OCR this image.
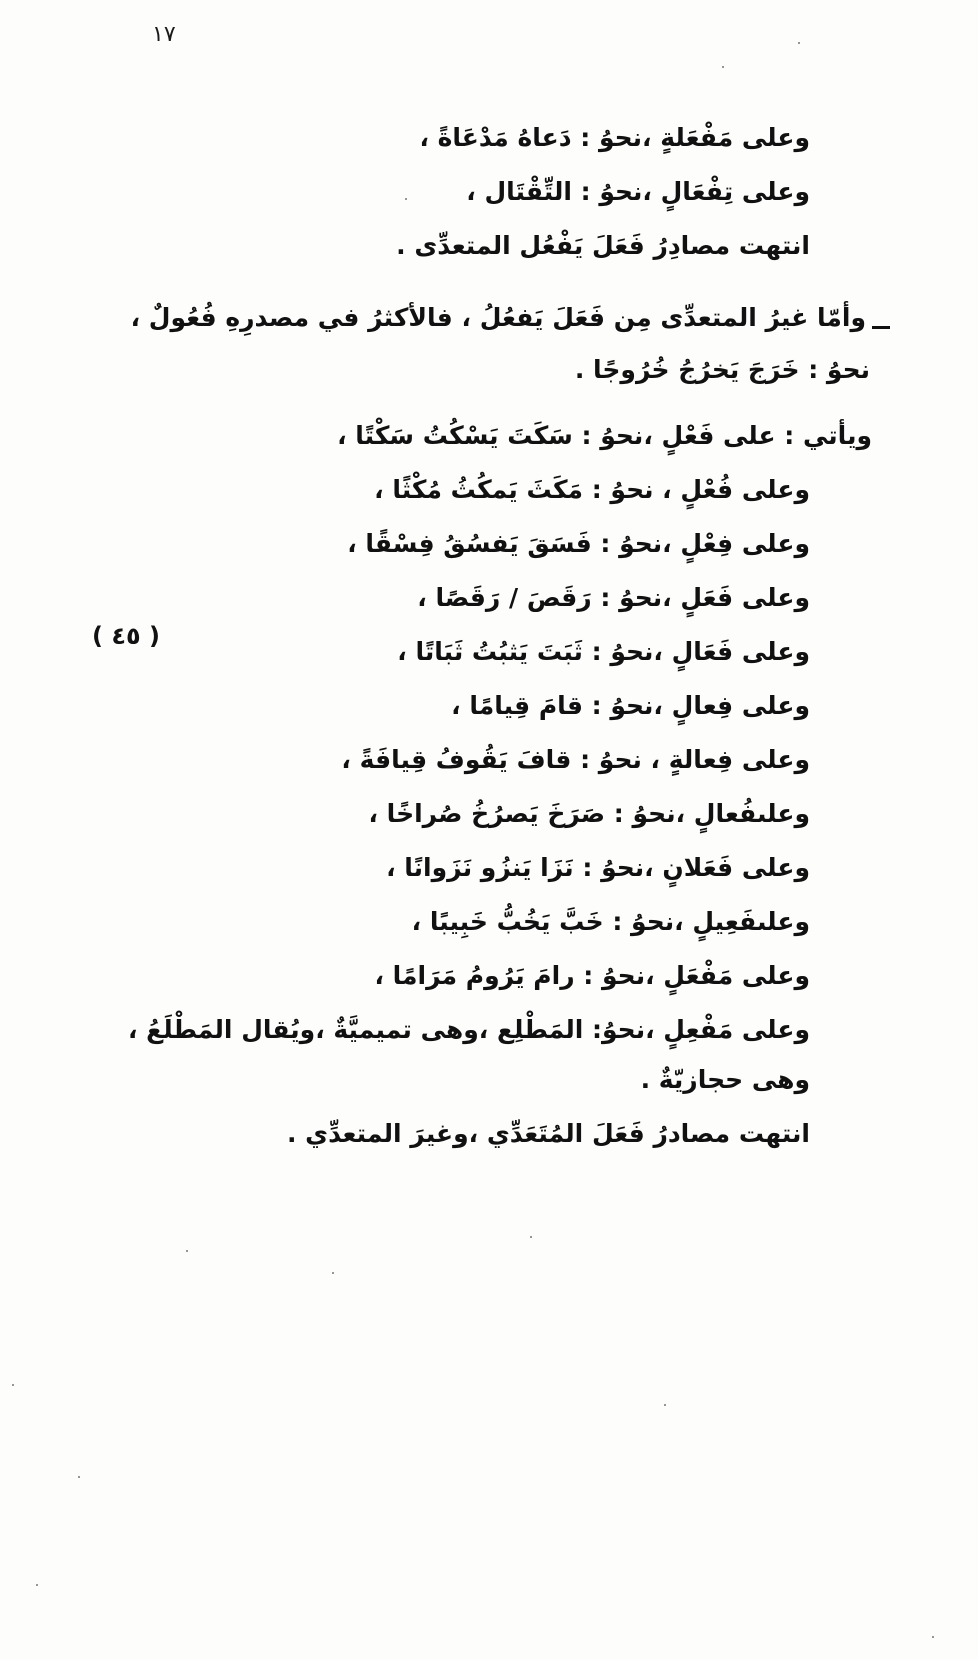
١٧
( ٤٥ )
وعلى مَفْعَلةٍ ،نحوُ : دَعاهُ مَدْعَاةً ،
وعلى تِفْعَالٍ ،نحوُ : التِّقْتَال ،
انتهت مصادِرُ فَعَلَ يَفْعُل المتعدِّى .
وأمّا غيرُ المتعدِّى مِن فَعَلَ يَفعُلُ ، فالأكثرُ في مصدرِهِ فُعُولٌ ،
نحوُ : خَرَجَ يَخرُجُ خُرُوجًا .
ويأتي : على فَعْلٍ ،نحوُ : سَكَتَ يَسْكُتُ سَكْتًا ،
وعلى فُعْلٍ ، نحوُ : مَكَثَ يَمكُثُ مُكْثًا ،
وعلى فِعْلٍ ،نحوُ : فَسَقَ يَفسُقُ فِسْقًا ،
وعلى فَعَلٍ ،نحوُ : رَقَصَ / رَقَصًا ،
وعلى فَعَالٍ ،نحوُ : ثَبَتَ يَثبُتُ ثَبَاتًا ،
وعلى فِعالٍ ،نحوُ : قامَ قِيامًا ،
وعلى فِعالةٍ ، نحوُ : قافَ يَقُوفُ قِيافَةً ،
وعلىفُعالٍ ،نحوُ : صَرَخَ يَصرُخُ صُراخًا ،
وعلى فَعَلانٍ ،نحوُ : نَزَا يَنزُو نَزَوانًا ،
وعلىفَعِيلٍ ،نحوُ : خَبَّ يَخُبُّ خَبِيبًا ،
وعلى مَفْعَلٍ ،نحوُ : رامَ يَرُومُ مَرَامًا ،
وعلى مَفْعِلٍ ،نحوُ: المَطْلِع ،وهى تميميَّةٌ ،ويُقال المَطْلَعُ ،
وهى حجازيّةٌ .
انتهت مصادرُ فَعَلَ المُتَعَدِّي ،وغيرَ المتعدِّي .
